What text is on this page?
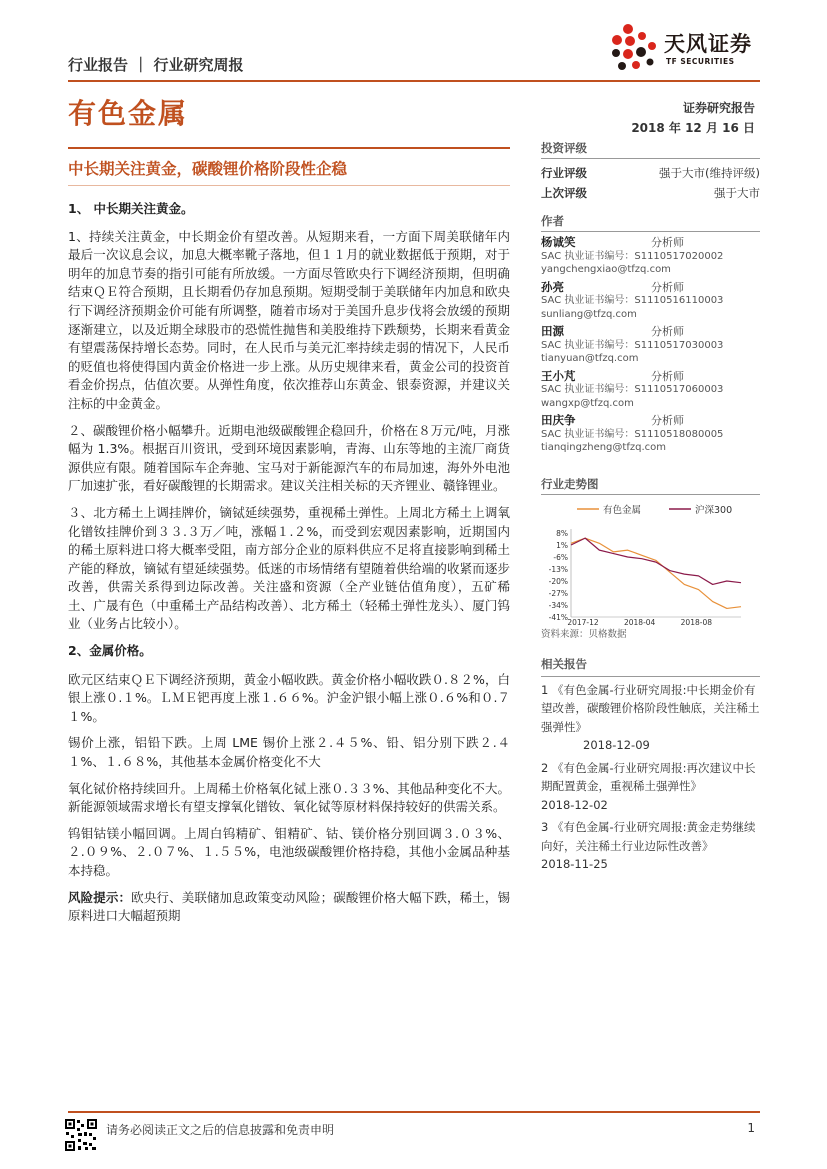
行业报告 ｜ 行业研究周报
天风证券
TF SECURITIES
有色金属	证券研究报告
2018 年 12 月 16 日
中长期关注黄金，碳酸锂价格阶段性企稳

1、 中长期关注黄金。

1、持续关注黄金，中长期金价有望改善。从短期来看，一方面下周美联储年内最后一次议息会议，加息大概率靴子落地，但１１月的就业数据低于预期，对于明年的加息节奏的指引可能有所放缓。一方面尽管欧央行下调经济预期，但明确结束ＱＥ符合预期，且长期看仍存加息预期。短期受制于美联储年内加息和欧央行下调经济预期金价可能有所调整，随着市场对于美国升息步伐将会放缓的预期逐渐建立，以及近期全球股市的恐慌性抛售和美股维持下跌颓势，长期来看黄金有望震荡保持增长态势。同时，在人民币与美元汇率持续走弱的情况下，人民币的贬值也将使得国内黄金价格进一步上涨。从历史规律来看，黄金公司的投资首看金价拐点，估值次要。从弹性角度，依次推荐山东黄金、银泰资源，并建议关注标的中金黄金。

２、碳酸锂价格小幅攀升。近期电池级碳酸锂企稳回升，价格在８万元/吨，月涨幅为 1.3%。根据百川资讯，受到环境因素影响，青海、山东等地的主流厂商货源供应有限。随着国际车企奔驰、宝马对于新能源汽车的布局加速，海外外电池厂加速扩张，看好碳酸锂的长期需求。建议关注相关标的天齐锂业、赣锋锂业。

３、北方稀土上调挂牌价，镝铽延续强势，重视稀土弹性。上周北方稀土上调氧化镨钕挂牌价到３３.３万／吨，涨幅１.２%，而受到宏观因素影响，近期国内的稀土原料进口将大概率受阻，南方部分企业的原料供应不足将直接影响到稀土产能的释放，镝铽有望延续强势。低迷的市场情绪有望随着供给端的收紧而逐步改善，供需关系得到边际改善。关注盛和资源（全产业链估值角度），五矿稀土、广晟有色（中重稀土产品结构改善）、北方稀土（轻稀土弹性龙头）、厦门钨业（业务占比较小）。

2、金属价格。

欧元区结束ＱＥ下调经济预期，黄金小幅收跌。黄金价格小幅收跌０.８２%，白银上涨０.１%。ＬＭＥ钯再度上涨１.６６%。沪金沪银小幅上涨０.６%和０.７１%。

锡价上涨，铝铅下跌。上周 LME 锡价上涨２.４５%、铅、铝分别下跌２.４１%、１.６８%，其他基本金属价格变化不大

氧化铽价格持续回升。上周稀土价格氧化铽上涨０.３３%、其他品种变化不大。新能源领域需求增长有望支撑氧化镨钕、氧化铽等原材料保持较好的供需关系。

钨钼钴镁小幅回调。上周白钨精矿、钼精矿、钴、镁价格分别回调３.０３%、２.０９%、２.０７%、１.５５%，电池级碳酸锂价格持稳，其他小金属品种基本持稳。

风险提示：欧央行、美联储加息政策变动风险；碳酸锂价格大幅下跌，稀土，锡原料进口大幅超预期

投资评级
行业评级	强于大市(维持评级)
上次评级	强于大市
作者
杨诚笑	分析师
SAC 执业证书编号：S1110517020002
yangchengxiao@tfzq.com
孙亮	分析师
SAC 执业证书编号：S1110516110003
sunliang@tfzq.com
田源	分析师
SAC 执业证书编号：S1110517030003
tianyuan@tfzq.com
王小芃	分析师
SAC 执业证书编号：S1110517060003
wangxp@tfzq.com
田庆争	分析师
SAC 执业证书编号：S1110518080005
tianqingzheng@tfzq.com
行业走势图
有色金属	沪深300
8%
1%
-6%
-13%
-20%
-27%
-34%
-41%
2017-12	2018-04	2018-08
资料来源：贝格数据
相关报告
1 《有色金属-行业研究周报:中长期金价有望改善，碳酸锂价格阶段性触底，关注稀土强弹性》
2018-12-09
2 《有色金属-行业研究周报:再次建议中长期配置黄金，重视稀土强弹性》
2018-12-02
3 《有色金属-行业研究周报:黄金走势继续向好，关注稀土行业边际性改善》
2018-11-25
请务必阅读正文之后的信息披露和免责申明	1
